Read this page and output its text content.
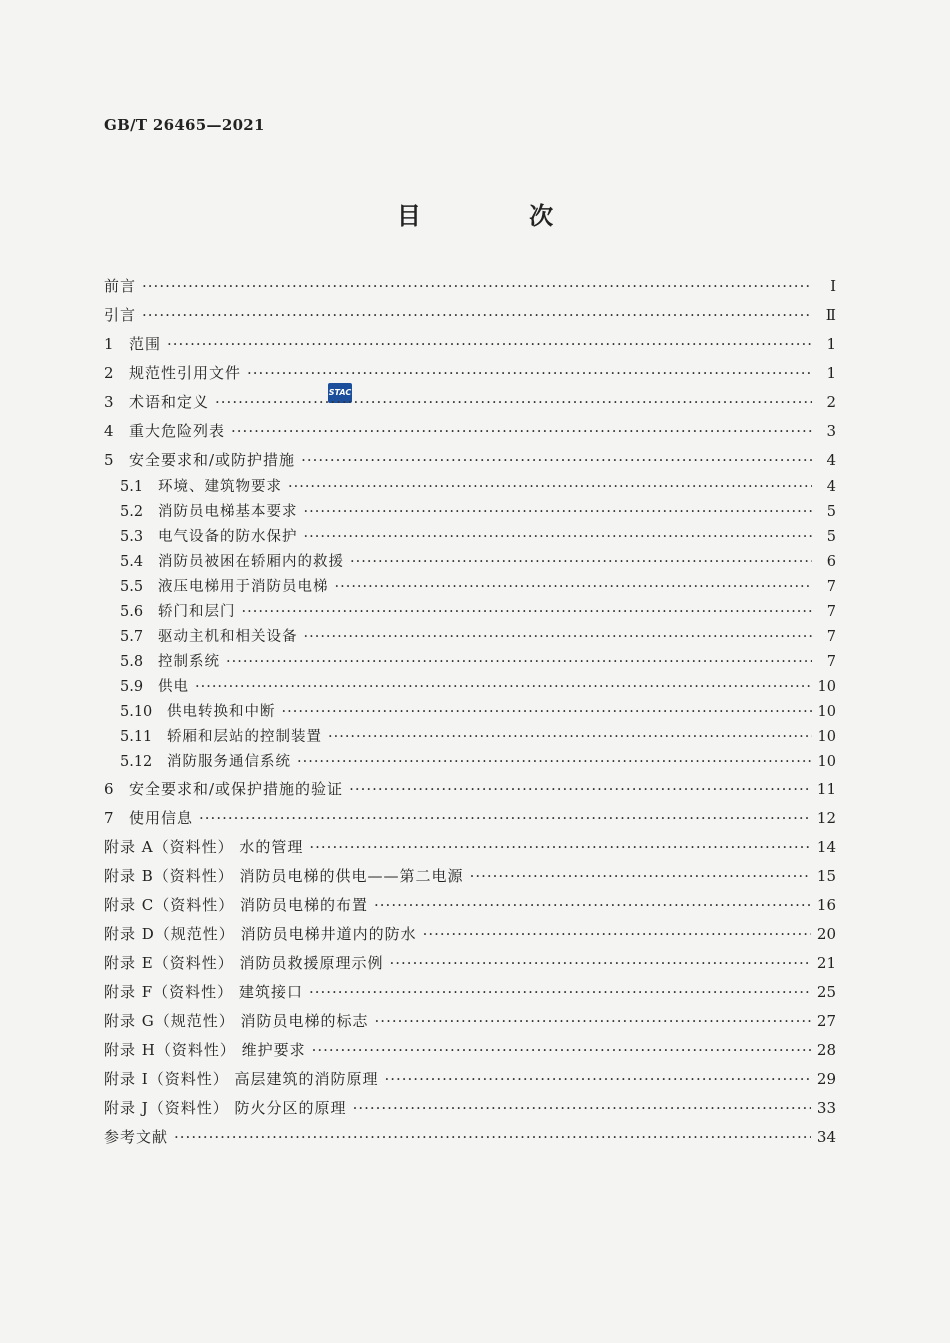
GB/T 26465—2021
目 次
STAC
前言 ·····	Ⅰ
引言 ·····	Ⅱ
1	范围 ·····	1
2	规范性引用文件 ·····	1
3	术语和定义 ·····	2
4	重大危险列表 ·····	3
5	安全要求和/或防护措施 ·····	4
5.1	环境、建筑物要求 ·····	4
5.2	消防员电梯基本要求 ·····	5
5.3	电气设备的防水保护 ·····	5
5.4	消防员被困在轿厢内的救援 ·····	6
5.5	液压电梯用于消防员电梯 ·····	7
5.6	轿门和层门 ·····	7
5.7	驱动主机和相关设备 ·····	7
5.8	控制系统 ·····	7
5.9	供电 ·····	10
5.10	供电转换和中断 ·····	10
5.11	轿厢和层站的控制装置 ·····	10
5.12	消防服务通信系统 ·····	10
6	安全要求和/或保护措施的验证 ·····	11
7	使用信息 ·····	12
附录 A（资料性） 水的管理 ·····	14
附录 B（资料性） 消防员电梯的供电——第二电源 ·····	15
附录 C（资料性） 消防员电梯的布置 ·····	16
附录 D（规范性） 消防员电梯井道内的防水 ·····	20
附录 E（资料性） 消防员救援原理示例 ·····	21
附录 F（资料性） 建筑接口 ·····	25
附录 G（规范性） 消防员电梯的标志 ·····	27
附录 H（资料性） 维护要求 ·····	28
附录 I（资料性） 高层建筑的消防原理 ·····	29
附录 J（资料性） 防火分区的原理 ·····	33
参考文献 ·····	34
